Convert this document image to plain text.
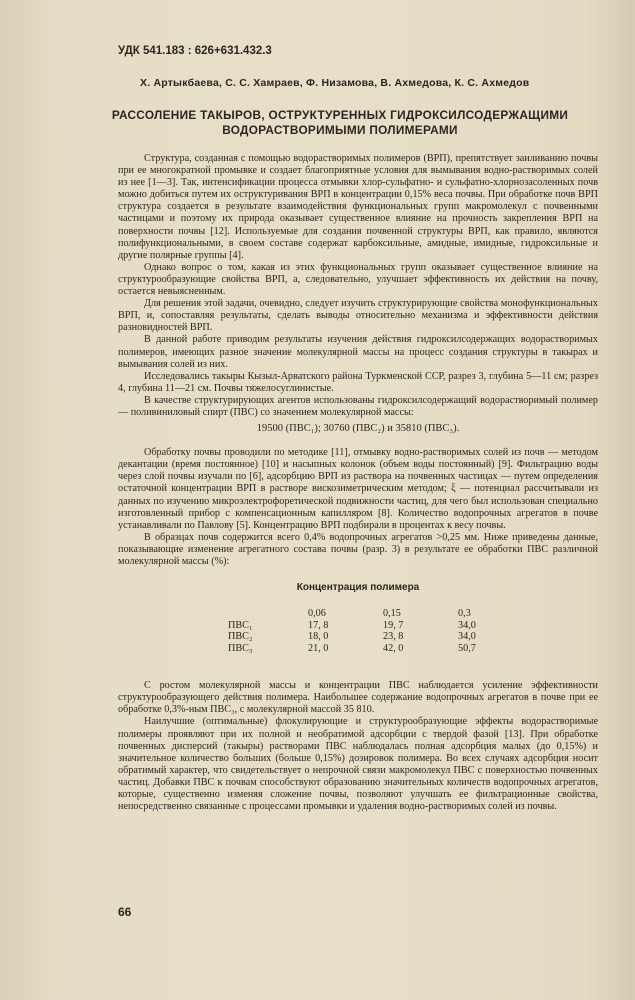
УДК 541.183 : 626+631.432.3
Х. Артыкбаева, С. С. Хамраев, Ф. Низамова, В. Ахмедова, К. С. Ахмедов
РАССОЛЕНИЕ ТАКЫРОВ, ОСТРУКТУРЕННЫХ ГИДРОКСИЛСОДЕРЖАЩИМИ
ВОДОРАСТВОРИМЫМИ ПОЛИМЕРАМИ

Структура, созданная с помощью водорастворимых полимеров (ВРП), препятствует заиливанию почвы при ее многократной промывке и создает благоприятные условия для вымывания водно-растворимых солей из нее [1—3]. Так, интенсификации процесса отмывки хлор-сульфатно- и сульфатно-хлорнозасоленных почв можно добиться путем их оструктуривания ВРП в концентрации 0,15% веса почвы. При обработке почв ВРП структура создается в результате взаимодействия функциональных групп макромолекул с почвенными частицами и поэтому их природа оказывает существенное влияние на прочность закрепления ВРП на поверхности почвы [12]. Используемые для создания почвенной структуры ВРП, как правило, являются полифункциональными, в своем составе содержат карбоксильные, амидные, имидные, гидроксильные и другие полярные группы [4].

Однако вопрос о том, какая из этих функциональных групп оказывает существенное влияние на структурообразующие свойства ВРП, а, следовательно, улучшает эффективность их действия на почву, остается невыясненным.

Для решения этой задачи, очевидно, следует изучить структурирующие свойства монофункциональных ВРП, и, сопоставляя результаты, сделать выводы относительно механизма и эффективности действия разновидностей ВРП.

В данной работе приводим результаты изучения действия гидроксилсодержащих водорастворимых полимеров, имеющих разное значение молекулярной массы на процесс создания структуры в такырах и вымывания солей из них.

Исследовались такыры Кызыл-Арватского района Туркменской ССР, разрез 3, глубина 5—11 см; разрез 4, глубина 11—21 см. Почвы тяжелосуглинистые.

В качестве структурирующих агентов использованы гидроксилсодержащий водорастворимый полимер — поливиниловый спирт (ПВС) со значением молекулярной массы:

19500 (ПВС₁); 30760 (ПВС₂) и 35810 (ПВС₃).

Обработку почвы проводили по методике [11], отмывку водно-растворимых солей из почв — методом декантации (время постоянное) [10] и насыпных колонок (объем воды постоянный) [9]. Фильтрацию воды через слой почвы изучали по [6], адсорбцию ВРП из раствора на почвенных частицах — путем определения остаточной концентрации ВРП в растворе вискозиметрическим методом; ξ — потенциал рассчитывали из данных по изучению микроэлектрофоретической подвижности частиц, для чего был использован специально изготовленный прибор с компенсационным капилляром [8]. Количество водопрочных агрегатов в почве устанавливали по Павлову [5]. Концентрацию ВРП подбирали в процентах к весу почвы.

В образцах почв содержится всего 0,4% водопрочных агрегатов >0,25 мм. Ниже приведены данные, показывающие изменение агрегатного состава почвы (разр. 3) в результате ее обработки ПВС различной молекулярной массы (%):

Концентрация полимера
	0,06	0,15	0,3
ПВС₁	17, 8	19, 7	34,0
ПВС₂	18, 0	23, 8	34,0
ПВС₃	21, 0	42, 0	50,7

С ростом молекулярной массы и концентрации ПВС наблюдается усиление эффективности структурообразующего действия полимера. Наибольшее содержание водопрочных агрегатов в почве при ее обработке 0,3%-ным ПВС₃, с молекулярной массой 35 810.

Наилучшие (оптимальные) флокулирующие и структурообразующие эффекты водорастворимые полимеры проявляют при их полной и необратимой адсорбции с твердой фазой [13]. При обработке почвенных дисперсий (такыры) растворами ПВС наблюдалась полная адсорбция малых (до 0,15%) и значительное количество больших (больше 0,15%) дозировок полимера. Во всех случаях адсорбция носит обратимый характер, что свидетельствует о непрочной связи макромолекул ПВС с поверхностью почвенных частиц. Добавки ПВС к почвам способствуют образованию значительных количеств водопрочных агрегатов, которые, существенно изменяя сложение почвы, позволяют улучшать ее фильтрационные свойства, непосредственно связанные с процессами промывки и удаления водно-растворимых солей из почвы.

66
